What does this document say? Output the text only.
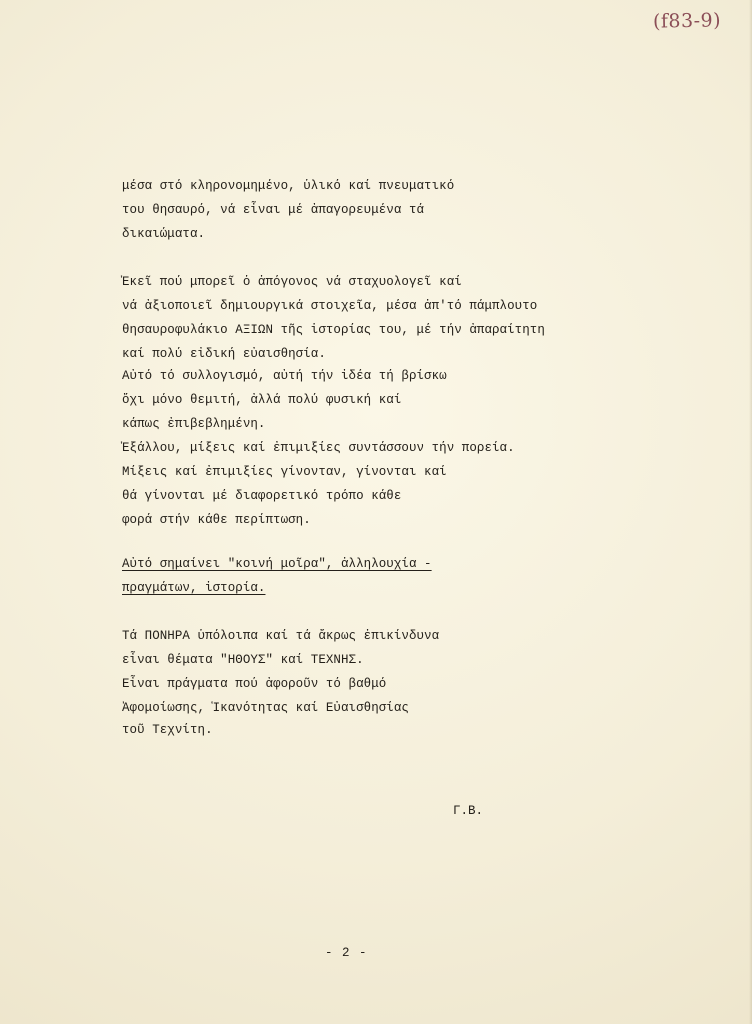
(f83-9)
μέσα στό κληρονομημένο, ὑλικό καί πνευματικό
του θησαυρό, νά εἶναι μέ ἀπαγορευμένα τά
δικαιώματα.
Ἐκεῖ πού μπορεῖ ὁ ἀπόγονος νά σταχυολογεῖ καί
νά ἀξιοποιεῖ δημιουργικά στοιχεῖα, μέσα ἀπ'τό πάμπλουτο
θησαυροφυλάκιο ΑΞΙΩΝ τῆς ἱστορίας του, μέ τήν ἀπαραίτητη
καί πολύ εἰδική εὐαισθησία.
Αὐτό τό συλλογισμό, αὐτή τήν ἰδέα τή βρίσκω
ὄχι μόνο θεμιτή, ἀλλά πολύ φυσική καί
κάπως ἐπιβεβλημένη.
Ἐξάλλου, μίξεις καί ἐπιμιξίες συντάσσουν τήν πορεία.
Μίξεις καί ἐπιμιξίες γίνονταν, γίνονται καί
θά γίνονται μέ διαφορετικό τρόπο κάθε
φορά στήν κάθε περίπτωση.
Αὐτό σημαίνει "κοινή μοῖρα", ἀλληλουχία -
πραγμάτων, ἱστορία.
Τά ΠΟΝΗΡΑ ὑπόλοιπα καί τά ἄκρως ἐπικίνδυνα
εἶναι θέματα "ΗΘΟΥΣ" καί ΤΕΧΝΗΣ.
Εἶναι πράγματα πού ἀφοροῦν τό βαθμό
Ἀφομοίωσης, Ἱκανότητας καί Εὐαισθησίας
τοῦ Τεχνίτη.
Γ.Β.
- 2 -
